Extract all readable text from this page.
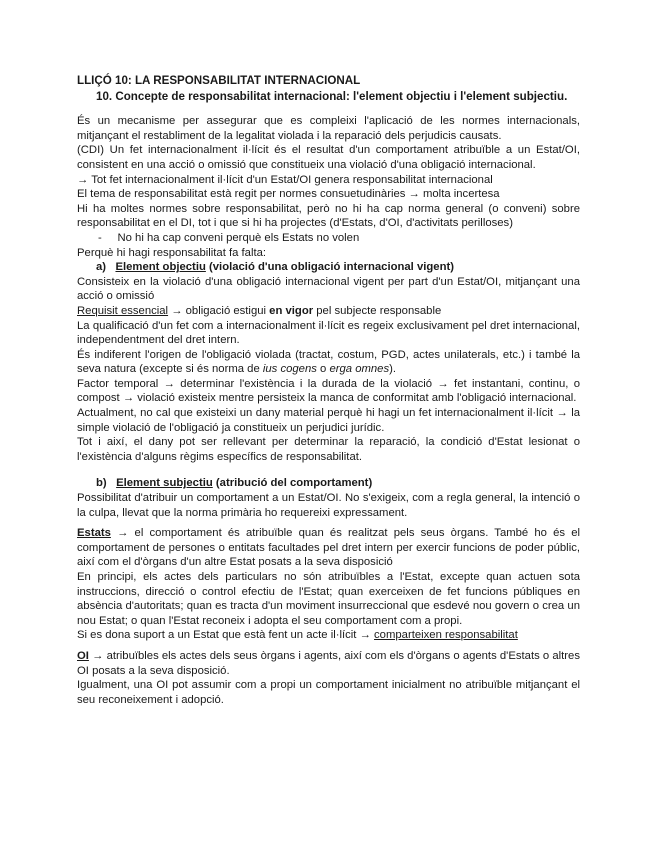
LLIÇÓ 10: LA RESPONSABILITAT INTERNACIONAL
10. Concepte de responsabilitat internacional: l'element objectiu i l'element subjectiu.

És un mecanisme per assegurar que es compleixi l'aplicació de les normes internacionals, mitjançant el restabliment de la legalitat violada i la reparació dels perjudicis causats.

(CDI) Un fet internacionalment il·lícit és el resultat d'un comportament atribuïble a un Estat/OI, consistent en una acció o omissió que constitueix una violació d'una obligació internacional.

→ Tot fet internacionalment il·lícit d'un Estat/OI genera responsabilitat internacional

El tema de responsabilitat està regit per normes consuetudinàries → molta incertesa

Hi ha moltes normes sobre responsabilitat, però no hi ha cap norma general (o conveni) sobre responsabilitat en el DI, tot i que si hi ha projectes (d'Estats, d'OI, d'activitats perilloses)

-     No hi ha cap conveni perquè els Estats no volen

Perquè hi hagi responsabilitat fa falta:

a) Element objectiu (violació d'una obligació internacional vigent)

Consisteix en la violació d'una obligació internacional vigent per part d'un Estat/OI, mitjançant una acció o omissió

Requisit essencial → obligació estigui en vigor pel subjecte responsable

La qualificació d'un fet com a internacionalment il·lícit es regeix exclusivament pel dret internacional, independentment del dret intern.

És indiferent l'origen de l'obligació violada (tractat, costum, PGD, actes unilaterals, etc.) i també la seva natura (excepte si és norma de ius cogens o erga omnes).

Factor temporal → determinar l'existència i la durada de la violació → fet instantani, continu, o compost → violació existeix mentre persisteix la manca de conformitat amb l'obligació internacional.

Actualment, no cal que existeixi un dany material perquè hi hagi un fet internacionalment il·lícit → la simple violació de l'obligació ja constitueix un perjudici jurídic.

Tot i així, el dany pot ser rellevant per determinar la reparació, la condició d'Estat lesionat o l'existència d'alguns règims específics de responsabilitat.

b) Element subjectiu (atribució del comportament)

Possibilitat d'atribuir un comportament a un Estat/OI. No s'exigeix, com a regla general, la intenció o la culpa, llevat que la norma primària ho requereixi expressament.

Estats → el comportament és atribuïble quan és realitzat pels seus òrgans. També ho és el comportament de persones o entitats facultades pel dret intern per exercir funcions de poder públic, així com el d'òrgans d'un altre Estat posats a la seva disposició

En principi, els actes dels particulars no són atribuïbles a l'Estat, excepte quan actuen sota instruccions, direcció o control efectiu de l'Estat; quan exerceixen de fet funcions públiques en absència d'autoritats; quan es tracta d'un moviment insurreccional que esdevé nou govern o crea un nou Estat; o quan l'Estat reconeix i adopta el seu comportament com a propi.

Si es dona suport a un Estat que està fent un acte il·lícit → comparteixen responsabilitat

OI → atribuïbles els actes dels seus òrgans i agents, així com els d'òrgans o agents d'Estats o altres OI posats a la seva disposició.

Igualment, una OI pot assumir com a propi un comportament inicialment no atribuïble mitjançant el seu reconeixement i adopció.
